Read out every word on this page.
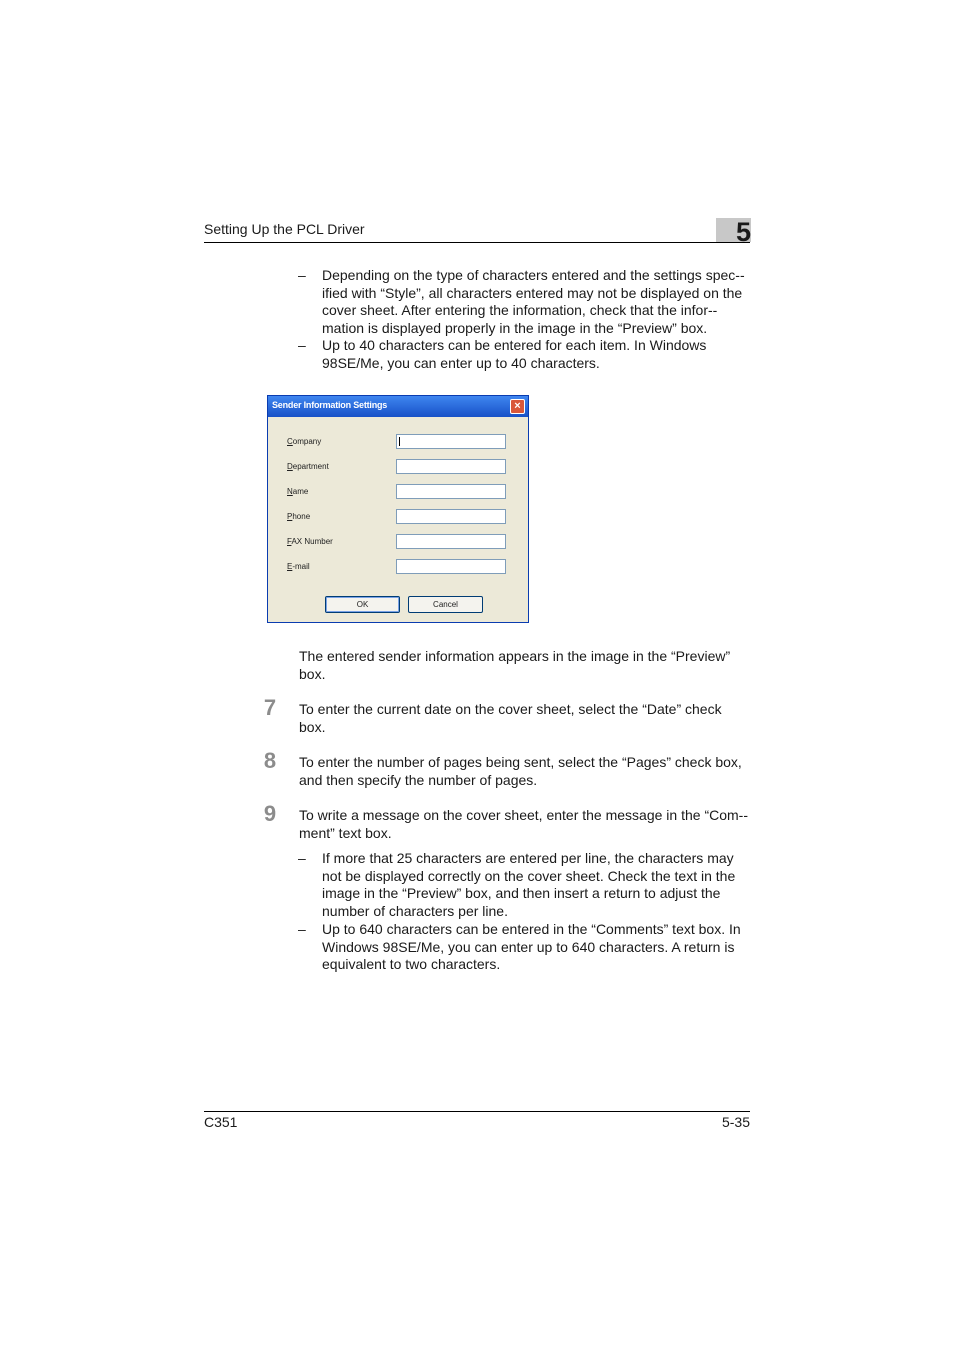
Setting Up the PCL Driver	5
– Depending on the type of characters entered and the settings spec-ified with “Style”, all characters entered may not be displayed on the cover sheet. After entering the information, check that the infor-mation is displayed properly in the image in the “Preview” box.
– Up to 40 characters can be entered for each item. In Windows 98SE/Me, you can enter up to 40 characters.
Sender Information Settings	×
Company
Department
Name
Phone
FAX Number
E-mail
OK	Cancel
The entered sender information appears in the image in the “Preview” box.
7 To enter the current date on the cover sheet, select the “Date” check box.
8 To enter the number of pages being sent, select the “Pages” check box, and then specify the number of pages.
9 To write a message on the cover sheet, enter the message in the “Com-ment” text box.
– If more that 25 characters are entered per line, the characters may not be displayed correctly on the cover sheet. Check the text in the image in the “Preview” box, and then insert a return to adjust the number of characters per line.
– Up to 640 characters can be entered in the “Comments” text box. In Windows 98SE/Me, you can enter up to 640 characters. A return is equivalent to two characters.
C351	5-35
